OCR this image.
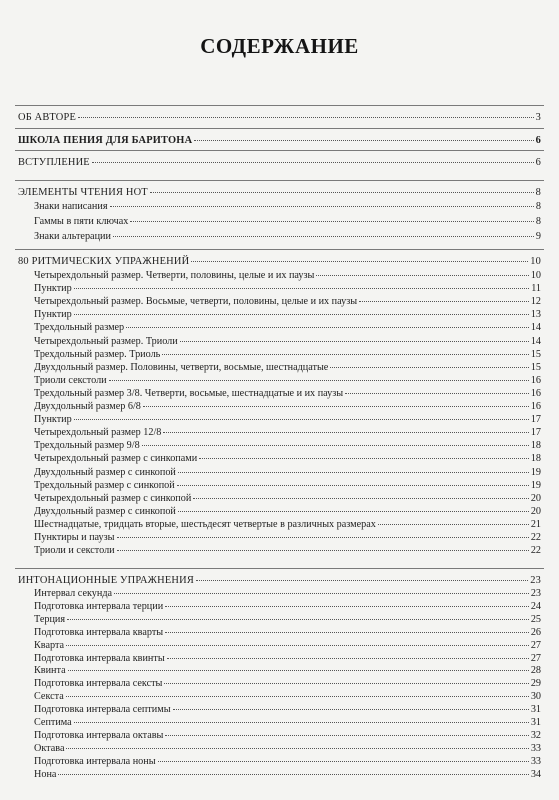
СОДЕРЖАНИЕ
ОБ АВТОРЕ	3
ШКОЛА ПЕНИЯ ДЛЯ БАРИТОНА	6
ВСТУПЛЕНИЕ	6
ЭЛЕМЕНТЫ ЧТЕНИЯ НОТ	8
Знаки написания	8
Гаммы в пяти ключах	8
Знаки альтерации	9
80 РИТМИЧЕСКИХ УПРАЖНЕНИЙ	10
Четырехдольный размер. Четверти, половины, целые и их паузы	10
Пунктир	11
Четырехдольный размер. Восьмые, четверти, половины, целые и их паузы	12
Пунктир	13
Трехдольный размер	14
Четырехдольный размер. Триоли	14
Трехдольный размер. Триоль	15
Двухдольный размер. Половины, четверти, восьмые, шестнадцатые	15
Триоли секстоли	16
Трехдольный размер 3/8. Четверти, восьмые, шестнадцатые и их паузы	16
Двухдольный размер 6/8	16
Пунктир	17
Четырехдольный размер 12/8	17
Трехдольный размер 9/8	18
Четырехдольный размер с синкопами	18
Двухдольный размер с синкопой	19
Трехдольный размер с синкопой	19
Четырехдольный размер с синкопой	20
Двухдольный размер с синкопой	20
Шестнадцатые, тридцать вторые, шестьдесят четвертые в различных размерах	21
Пунктиры и паузы	22
Триоли и секстоли	22
ИНТОНАЦИОННЫЕ УПРАЖНЕНИЯ	23
Интервал секунда	23
Подготовка интервала терции	24
Терция	25
Подготовка интервала кварты	26
Кварта	27
Подготовка интервала квинты	27
Квинта	28
Подготовка интервала сексты	29
Секста	30
Подготовка интервала септимы	31
Септима	31
Подготовка интервала октавы	32
Октава	33
Подготовка интервала ноны	33
Нона	34
